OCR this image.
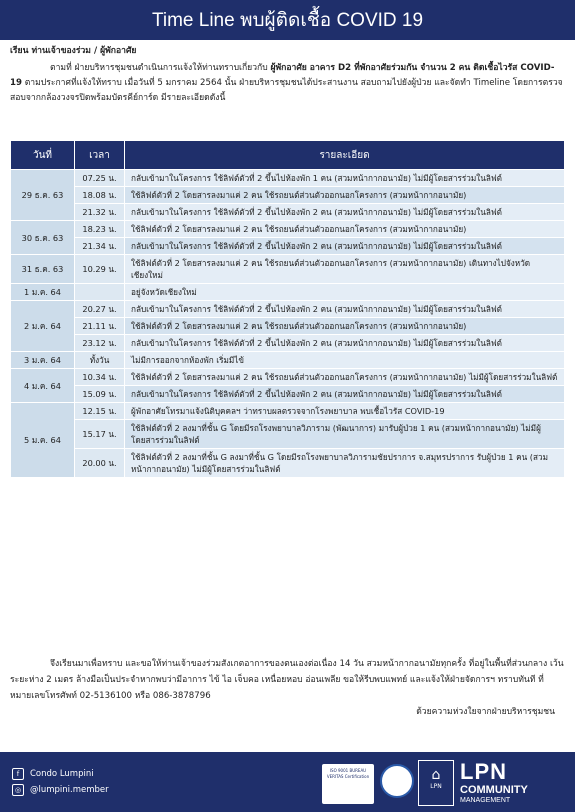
Time Line พบผู้ติดเชื้อ COVID 19
เรียน ท่านเจ้าของร่วม / ผู้พักอาศัย

ตามที่ ฝ่ายบริหารชุมชนดำเนินการแจ้งให้ท่านทราบเกี่ยวกับ ผู้พักอาศัย อาคาร D2 ที่พักอาศัยร่วมกัน จำนวน 2 คน ติดเชื้อไวรัส COVID-19 ตามประกาศที่แจ้งให้ทราบ เมื่อวันที่ 5 มกราคม 2564 นั้น ฝ่ายบริหารชุมชนได้ประสานงาน สอบถามไปยังผู้ป่วย และจัดทำ Timeline โดยการตรวจสอบจากกล้องวงจรปิดพร้อมบัตรคีย์การ์ด มีรายละเอียดดังนี้

วันที่	เวลา	รายละเอียด
29 ธ.ค. 63	07.25 น.	กลับเข้ามาในโครงการ ใช้ลิฟต์ตัวที่ 2 ขึ้นไปห้องพัก 1 คน (สวมหน้ากากอนามัย) ไม่มีผู้โดยสารร่วมในลิฟต์
	18.08 น.	ใช้ลิฟต์ตัวที่ 2 โดยสารลงมาแค่ 2 คน ใช้รถยนต์ส่วนตัวออกนอกโครงการ (สวมหน้ากากอนามัย)
	21.32 น.	กลับเข้ามาในโครงการ ใช้ลิฟต์ตัวที่ 2 ขึ้นไปห้องพัก 2 คน (สวมหน้ากากอนามัย) ไม่มีผู้โดยสารร่วมในลิฟต์
30 ธ.ค. 63	18.23 น.	ใช้ลิฟต์ตัวที่ 2 โดยสารลงมาแค่ 2 คน ใช้รถยนต์ส่วนตัวออกนอกโครงการ (สวมหน้ากากอนามัย)
	21.34 น.	กลับเข้ามาในโครงการ ใช้ลิฟต์ตัวที่ 2 ขึ้นไปห้องพัก 2 คน (สวมหน้ากากอนามัย) ไม่มีผู้โดยสารร่วมในลิฟต์
31 ธ.ค. 63	10.29 น.	ใช้ลิฟต์ตัวที่ 2 โดยสารลงมาแค่ 2 คน ใช้รถยนต์ส่วนตัวออกนอกโครงการ (สวมหน้ากากอนามัย) เดินทางไปจังหวัดเชียงใหม่
1 ม.ค. 64		อยู่จังหวัดเชียงใหม่
2 ม.ค. 64	20.27 น.	กลับเข้ามาในโครงการ ใช้ลิฟต์ตัวที่ 2 ขึ้นไปห้องพัก 2 คน (สวมหน้ากากอนามัย) ไม่มีผู้โดยสารร่วมในลิฟต์
	21.11 น.	ใช้ลิฟต์ตัวที่ 2 โดยสารลงมาแค่ 2 คน ใช้รถยนต์ส่วนตัวออกนอกโครงการ (สวมหน้ากากอนามัย)
	23.12 น.	กลับเข้ามาในโครงการ ใช้ลิฟต์ตัวที่ 2 ขึ้นไปห้องพัก 2 คน (สวมหน้ากากอนามัย) ไม่มีผู้โดยสารร่วมในลิฟต์
3 ม.ค. 64	ทั้งวัน	ไม่มีการออกจากห้องพัก เริ่มมีไข้
4 ม.ค. 64	10.34 น.	ใช้ลิฟต์ตัวที่ 2 โดยสารลงมาแค่ 2 คน ใช้รถยนต์ส่วนตัวออกนอกโครงการ (สวมหน้ากากอนามัย) ไม่มีผู้โดยสารร่วมในลิฟต์
	15.09 น.	กลับเข้ามาในโครงการ ใช้ลิฟต์ตัวที่ 2 ขึ้นไปห้องพัก 2 คน (สวมหน้ากากอนามัย) ไม่มีผู้โดยสารร่วมในลิฟต์
5 ม.ค. 64	12.15 น.	ผู้พักอาศัยโทรมาแจ้งนิติบุคคลฯ ว่าทราบผลตรวจจากโรงพยาบาล พบเชื้อไวรัส COVID-19
	15.17 น.	ใช้ลิฟต์ตัวที่ 2 ลงมาที่ชั้น G โดยมีรถโรงพยาบาลวิภาราม (พัฒนาการ) มารับผู้ป่วย 1 คน (สวมหน้ากากอนามัย) ไม่มีผู้โดยสารร่วมในลิฟต์
	20.00 น.	ใช้ลิฟต์ตัวที่ 2 ลงมาที่ชั้น G ลงมาที่ชั้น G โดยมีรถโรงพยาบาลวิภารามชัยปราการ จ.สมุทรปราการ รับผู้ป่วย 1 คน (สวมหน้ากากอนามัย) ไม่มีผู้โดยสารร่วมในลิฟต์

จึงเรียนมาเพื่อทราบ และขอให้ท่านเจ้าของร่วมสังเกตอาการของตนเองต่อเนื่อง 14 วัน สวมหน้ากากอนามัยทุกครั้ง ที่อยู่ในพื้นที่ส่วนกลาง เว้นระยะห่าง 2 เมตร ล้างมือเป็นประจำหากพบว่ามีอาการ ไข้ ไอ เจ็บคอ เหนื่อยหอบ อ่อนเพลีย ขอให้รีบพบแพทย์ และแจ้งให้ฝ่ายจัดการฯ ทราบทันที ที่หมายเลขโทรศัพท์ 02-5136100 หรือ 086-3878796

ด้วยความห่วงใยจากฝ่ายบริหารชุมชน

f	Condo Lumpini
◎	@lumpini.member
ISO 9001 BUREAU VERITAS Certification	⌂
LPN
LPN
COMMUNITY
MANAGEMENT
